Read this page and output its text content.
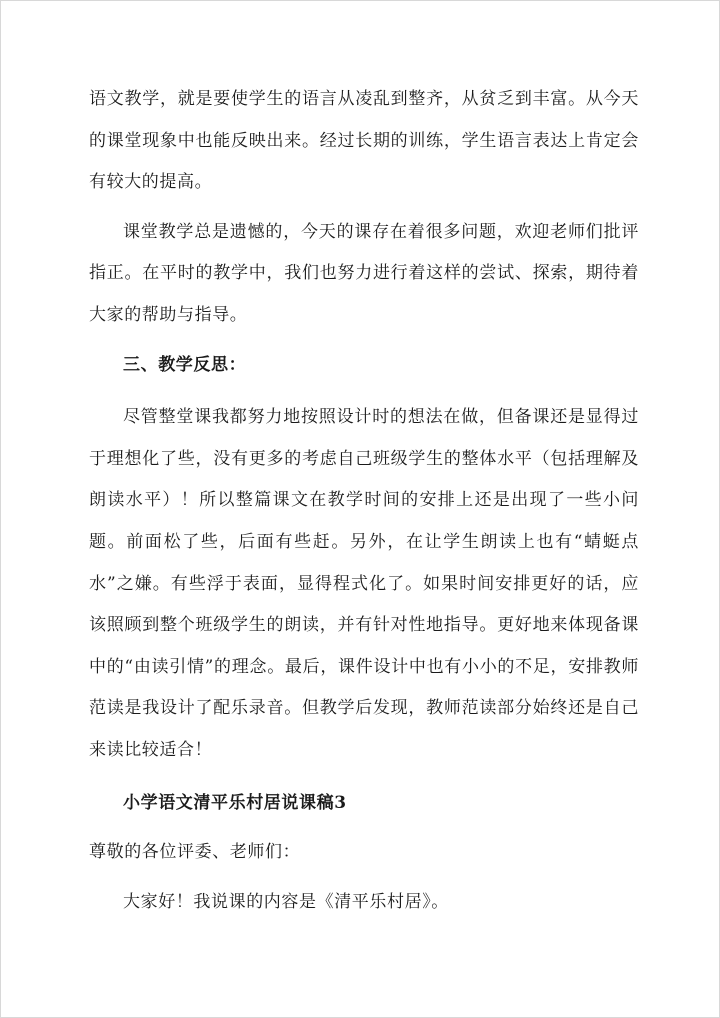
语文教学，就是要使学生的语言从凌乱到整齐，从贫乏到丰富。从今天的课堂现象中也能反映出来。经过长期的训练，学生语言表达上肯定会有较大的提高。

课堂教学总是遗憾的，今天的课存在着很多问题，欢迎老师们批评指正。在平时的教学中，我们也努力进行着这样的尝试、探索，期待着大家的帮助与指导。

三、教学反思：

尽管整堂课我都努力地按照设计时的想法在做，但备课还是显得过于理想化了些，没有更多的考虑自己班级学生的整体水平（包括理解及朗读水平）！所以整篇课文在教学时间的安排上还是出现了一些小问题。前面松了些，后面有些赶。另外，在让学生朗读上也有“蜻蜓点水”之嫌。有些浮于表面，显得程式化了。如果时间安排更好的话，应该照顾到整个班级学生的朗读，并有针对性地指导。更好地来体现备课中的“由读引情”的理念。最后，课件设计中也有小小的不足，安排教师范读是我设计了配乐录音。但教学后发现，教师范读部分始终还是自己来读比较适合！

小学语文清平乐村居说课稿3

尊敬的各位评委、老师们：

大家好！我说课的内容是《清平乐村居》。
